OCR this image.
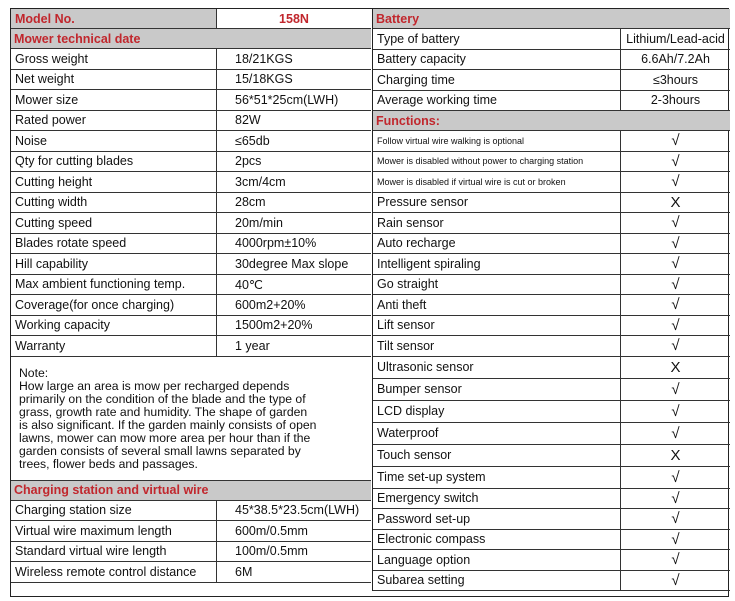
Model No.	158N
Mower technical date
Gross weight	18/21KGS
Net weight	15/18KGS
Mower size	56*51*25cm(LWH)
Rated power	82W
Noise	≤65db
Qty for cutting blades	2pcs
Cutting height	3cm/4cm
Cutting width	28cm
Cutting speed	20m/min
Blades rotate speed	4000rpm±10%
Hill capability	30degree Max slope
Max ambient functioning temp.	40℃
Coverage(for once charging)	600m2+20%
Working capacity	1500m2+20%
Warranty	1 year
Note:
How large an area is mow per recharged depends
primarily on the condition of the blade and the type of
grass, growth rate and humidity. The shape of garden
is also significant. If the garden mainly consists of open
lawns, mower can mow more area per hour than if the
garden consists of several small lawns separated by
trees, flower beds and passages.
Charging station and virtual wire
Charging station size	45*38.5*23.5cm(LWH)
Virtual wire maximum length	600m/0.5mm
Standard virtual wire length	100m/0.5mm
Wireless remote control distance	6M
Battery
Type of battery	Lithium/Lead-acid
Battery capacity	6.6Ah/7.2Ah
Charging time	≤3hours
Average working time	2-3hours
Functions:
Follow virtual wire walking is optional	√
Mower is disabled without power to charging station	√
Mower is disabled if virtual wire is cut or broken	√
Pressure sensor	X
Rain sensor	√
Auto recharge	√
Intelligent spiraling	√
Go straight	√
Anti theft	√
Lift sensor	√
Tilt sensor	√
Ultrasonic sensor	X
Bumper sensor	√
LCD display	√
Waterproof	√
Touch sensor	X
Time set-up system	√
Emergency switch	√
Password set-up	√
Electronic compass	√
Language option	√
Subarea setting	√
